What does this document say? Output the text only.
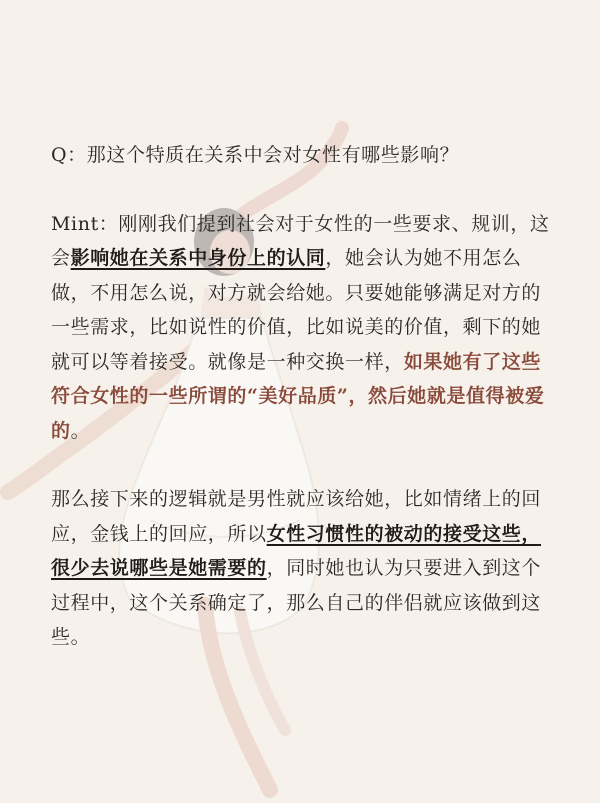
Q：那这个特质在关系中会对女性有哪些影响？

Mint：刚刚我们提到社会对于女性的一些要求、规训，这会影响她在关系中身份上的认同，她会认为她不用怎么做，不用怎么说，对方就会给她。只要她能够满足对方的一些需求，比如说性的价值，比如说美的价值，剩下的她就可以等着接受。就像是一种交换一样，如果她有了这些符合女性的一些所谓的“美好品质”，然后她就是值得被爱的。

那么接下来的逻辑就是男性就应该给她，比如情绪上的回应，金钱上的回应，所以女性习惯性的被动的接受这些，很少去说哪些是她需要的，同时她也认为只要进入到这个过程中，这个关系确定了，那么自己的伴侣就应该做到这些。
